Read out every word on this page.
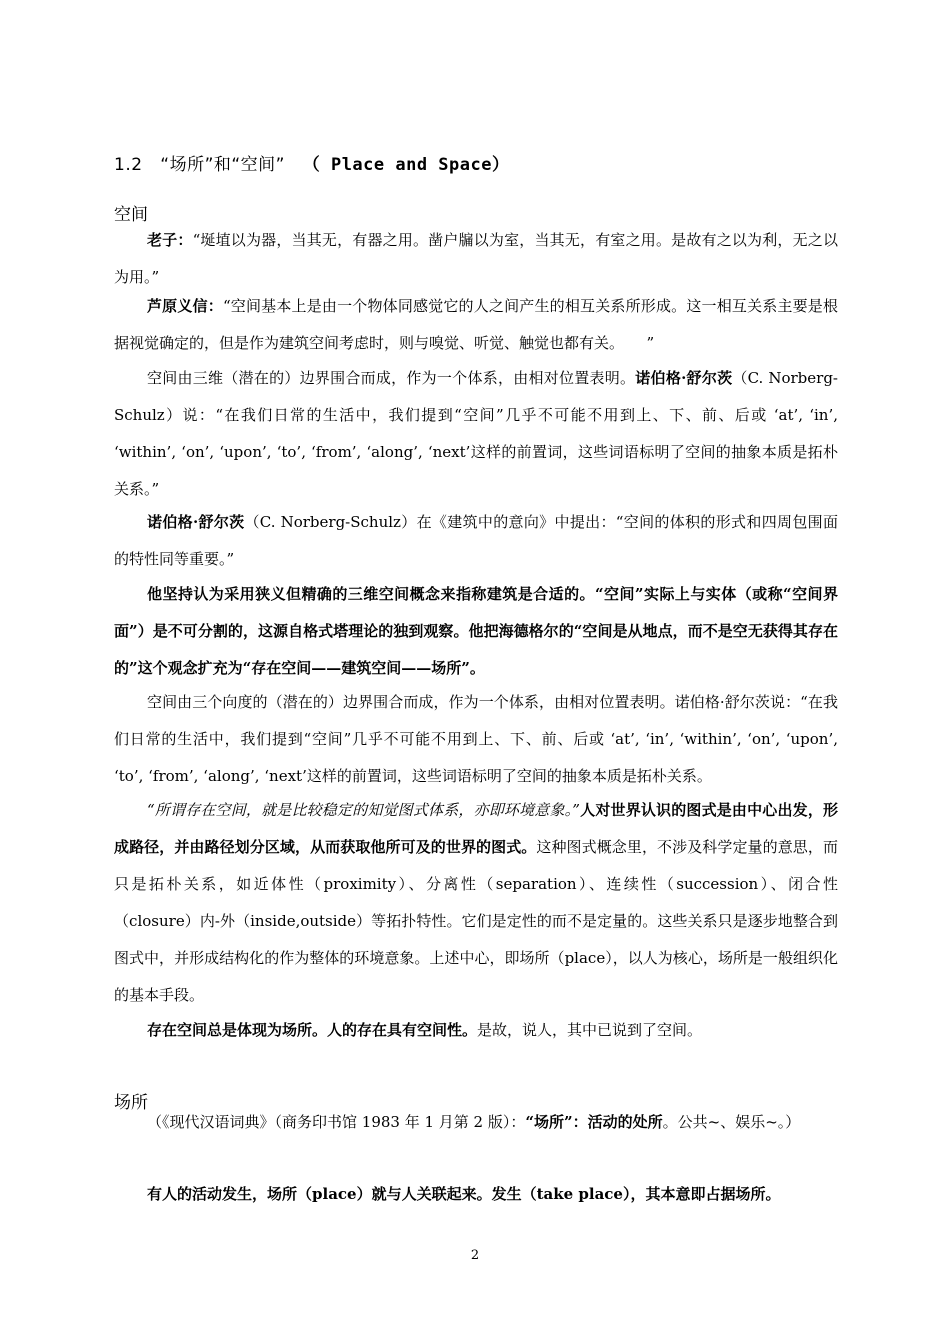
1.2 “场所”和“空间” （ Place and Space）
空间

老子：“埏埴以为器，当其无，有器之用。凿户牖以为室，当其无，有室之用。是故有之以为利，无之以为用。”

芦原义信：“空间基本上是由一个物体同感觉它的人之间产生的相互关系所形成。这一相互关系主要是根据视觉确定的，但是作为建筑空间考虑时，则与嗅觉、听觉、触觉也都有关。　　”

空间由三维（潜在的）边界围合而成，作为一个体系，由相对位置表明。诺伯格·舒尔茨（C. Norberg-Schulz）说：“在我们日常的生活中，我们提到“空间”几乎不可能不用到上、下、前、后或 ‘at’, ‘in’, ‘within’, ‘on’, ‘upon’, ‘to’, ‘from’, ‘along’, ‘next’这样的前置词，这些词语标明了空间的抽象本质是拓朴关系。”

诺伯格·舒尔茨（C. Norberg-Schulz）在《建筑中的意向》中提出：“空间的体积的形式和四周包围面的特性同等重要。”

他坚持认为采用狭义但精确的三维空间概念来指称建筑是合适的。“空间”实际上与实体（或称“空间界面”）是不可分割的，这源自格式塔理论的独到观察。他把海德格尔的“空间是从地点，而不是空无获得其存在的”这个观念扩充为“存在空间——建筑空间——场所”。

空间由三个向度的（潜在的）边界围合而成，作为一个体系，由相对位置表明。诺伯格·舒尔茨说：“在我们日常的生活中，我们提到“空间”几乎不可能不用到上、下、前、后或 ‘at’, ‘in’, ‘within’, ‘on’, ‘upon’, ‘to’, ‘from’, ‘along’, ‘next’这样的前置词，这些词语标明了空间的抽象本质是拓朴关系。

“所谓存在空间，就是比较稳定的知觉图式体系，亦即环境意象。”人对世界认识的图式是由中心出发，形成路径，并由路径划分区域，从而获取他所可及的世界的图式。这种图式概念里，不涉及科学定量的意思，而只是拓朴关系，如近体性（proximity）、分离性（separation）、连续性（succession）、闭合性（closure）内-外（inside,outside）等拓扑特性。它们是定性的而不是定量的。这些关系只是逐步地整合到图式中，并形成结构化的作为整体的环境意象。上述中心，即场所（place），以人为核心，场所是一般组织化的基本手段。

存在空间总是体现为场所。人的存在具有空间性。是故，说人，其中已说到了空间。

场所

（《现代汉语词典》（商务印书馆 1983 年 1 月第 2 版）：“场所”：活动的处所。公共~、娱乐~。）

有人的活动发生，场所（place）就与人关联起来。发生（take place），其本意即占据场所。

2
